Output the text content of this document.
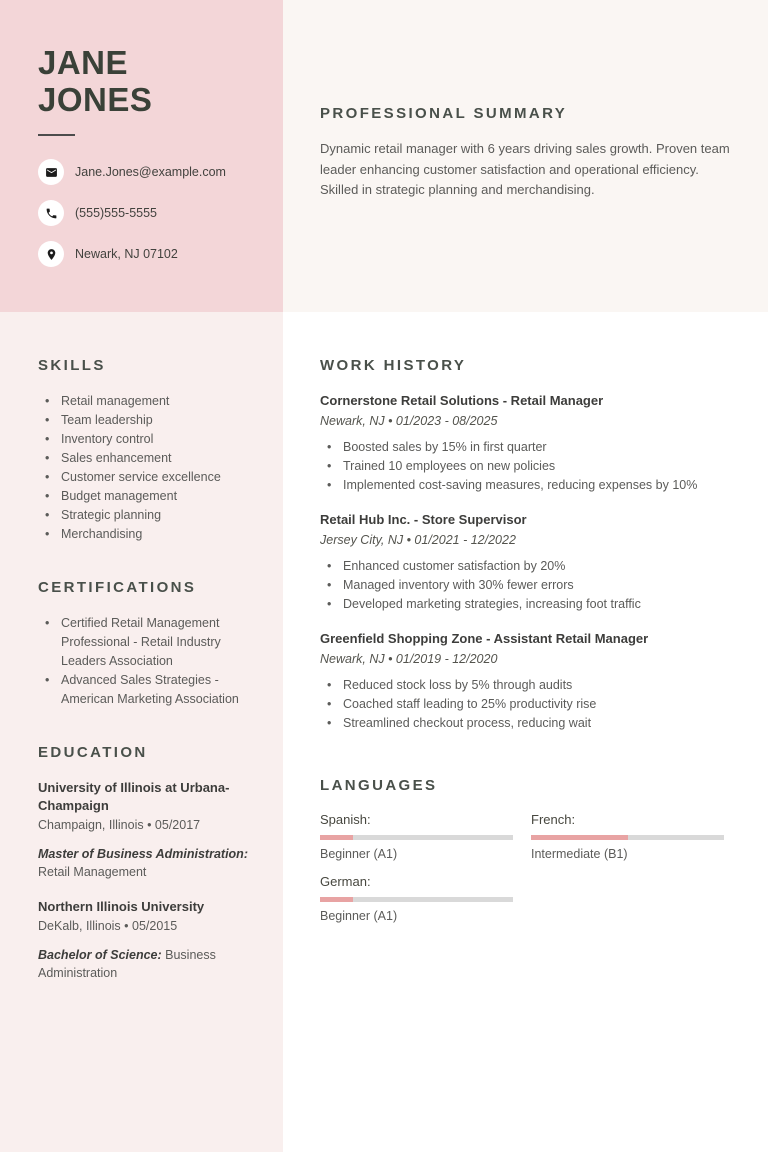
JANE
JONES
Jane.Jones@example.com
(555)555-5555
Newark, NJ 07102
SKILLS
• Retail management
• Team leadership
• Inventory control
• Sales enhancement
• Customer service excellence
• Budget management
• Strategic planning
• Merchandising
CERTIFICATIONS
• Certified Retail Management Professional - Retail Industry Leaders Association
• Advanced Sales Strategies - American Marketing Association
EDUCATION
University of Illinois at Urbana-Champaign
Champaign, Illinois • 05/2017
Master of Business Administration: Retail Management
Northern Illinois University
DeKalb, Illinois • 05/2015
Bachelor of Science: Business Administration
PROFESSIONAL SUMMARY

Dynamic retail manager with 6 years driving sales growth. Proven team leader enhancing customer satisfaction and operational efficiency. Skilled in strategic planning and merchandising.

WORK HISTORY
Cornerstone Retail Solutions - Retail Manager
Newark, NJ • 01/2023 - 08/2025
• Boosted sales by 15% in first quarter
• Trained 10 employees on new policies
• Implemented cost-saving measures, reducing expenses by 10%
Retail Hub Inc. - Store Supervisor
Jersey City, NJ • 01/2021 - 12/2022
• Enhanced customer satisfaction by 20%
• Managed inventory with 30% fewer errors
• Developed marketing strategies, increasing foot traffic
Greenfield Shopping Zone - Assistant Retail Manager
Newark, NJ • 01/2019 - 12/2020
• Reduced stock loss by 5% through audits
• Coached staff leading to 25% productivity rise
• Streamlined checkout process, reducing wait
LANGUAGES
Spanish:
Beginner (A1)
French:
Intermediate (B1)
German:
Beginner (A1)
